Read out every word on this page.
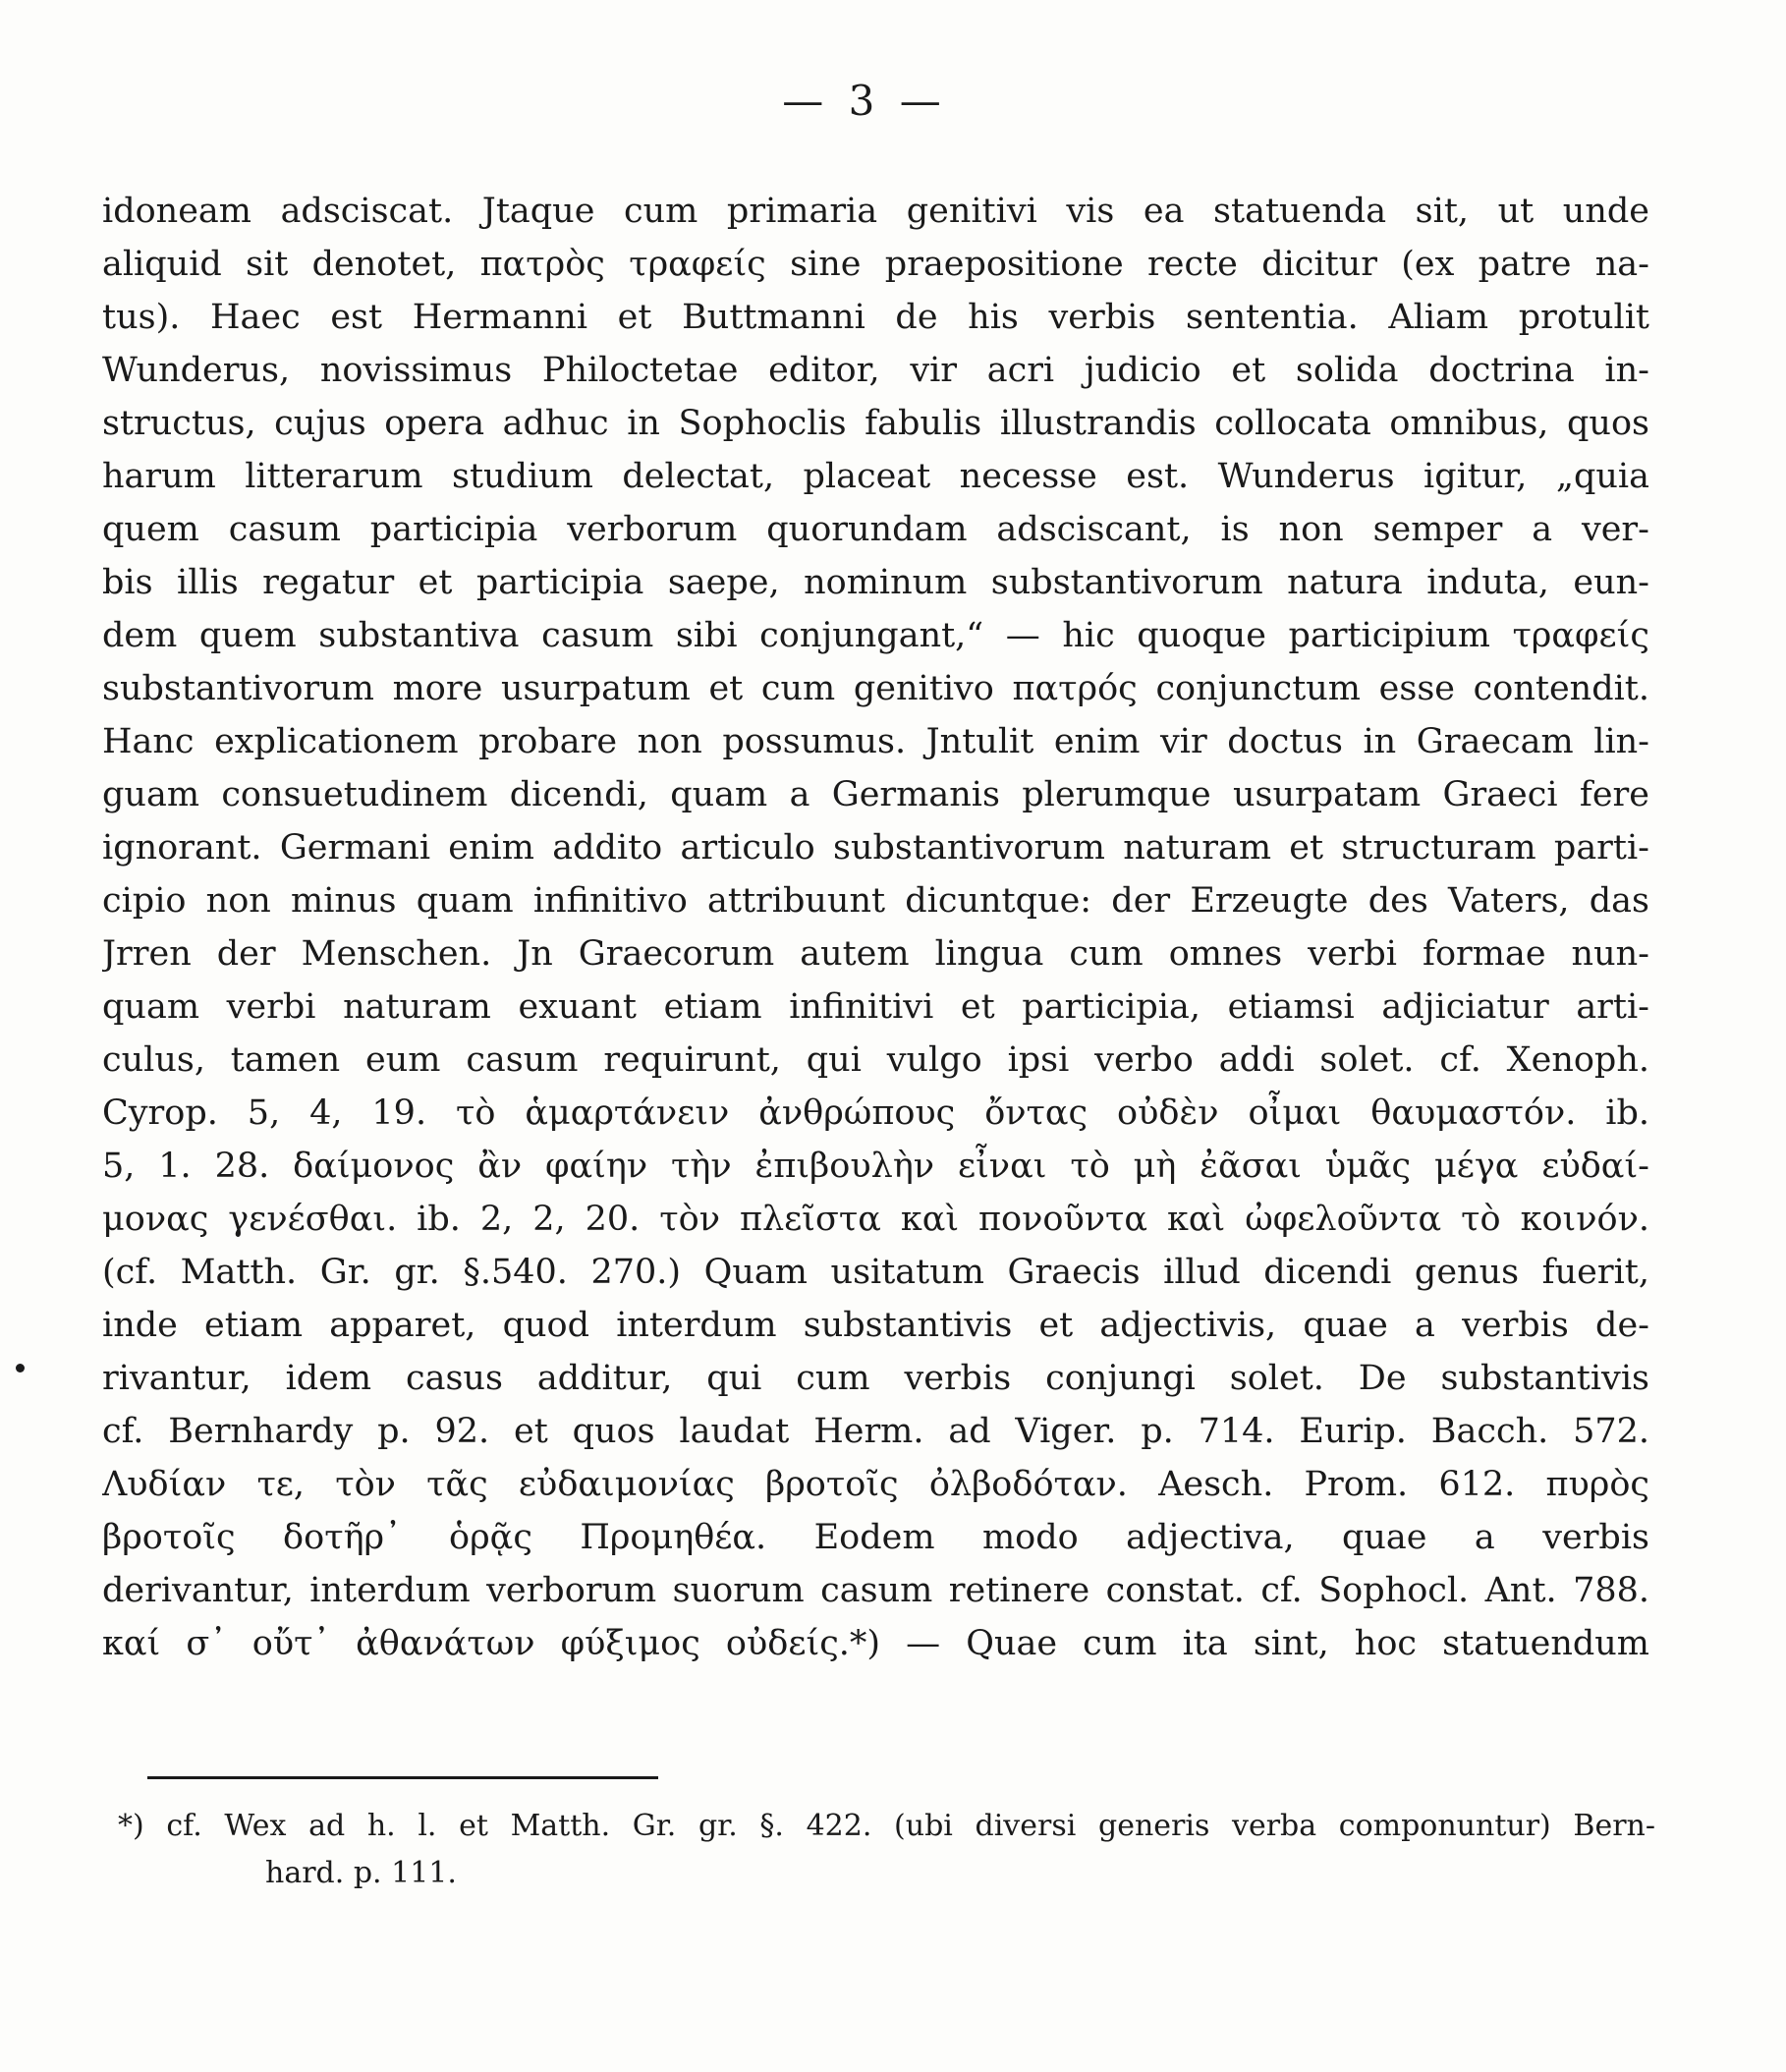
— 3 —
idoneam adsciscat. Jtaque cum primaria genitivi vis ea statuenda sit, ut unde
aliquid sit denotet, πατρὸς τραφείς sine praepositione recte dicitur (ex patre na-
tus). Haec est Hermanni et Buttmanni de his verbis sententia. Aliam protulit
Wunderus, novissimus Philoctetae editor, vir acri judicio et solida doctrina in-
structus, cujus opera adhuc in Sophoclis fabulis illustrandis collocata omnibus, quos
harum litterarum studium delectat, placeat necesse est. Wunderus igitur, „quia
quem casum participia verborum quorundam adsciscant, is non semper a ver-
bis illis regatur et participia saepe, nominum substantivorum natura induta, eun-
dem quem substantiva casum sibi conjungant,“ — hic quoque participium τραφείς
substantivorum more usurpatum et cum genitivo πατρός conjunctum esse contendit.
Hanc explicationem probare non possumus. Jntulit enim vir doctus in Graecam lin-
guam consuetudinem dicendi, quam a Germanis plerumque usurpatam Graeci fere
ignorant. Germani enim addito articulo substantivorum naturam et structuram parti-
cipio non minus quam infinitivo attribuunt dicuntque: der Erzeugte des Vaters, das
Jrren der Menschen. Jn Graecorum autem lingua cum omnes verbi formae nun-
quam verbi naturam exuant etiam infinitivi et participia, etiamsi adjiciatur arti-
culus, tamen eum casum requirunt, qui vulgo ipsi verbo addi solet. cf. Xenoph.
Cyrop. 5, 4, 19. τὸ ἁμαρτάνειν ἀνθρώπους ὄντας οὐδὲν οἶμαι θαυμαστόν. ib.
5, 1. 28. δαίμονος ἂν φαίην τὴν ἐπιβουλὴν εἶναι τὸ μὴ ἐᾶσαι ὑμᾶς μέγα εὐδαί-
μονας γενέσθαι. ib. 2, 2, 20. τὸν πλεῖστα καὶ πονοῦντα καὶ ὠφελοῦντα τὸ κοινόν.
(cf. Matth. Gr. gr. §.540. 270.) Quam usitatum Graecis illud dicendi genus fuerit,
inde etiam apparet, quod interdum substantivis et adjectivis, quae a verbis de-
rivantur, idem casus additur, qui cum verbis conjungi solet. De substantivis
cf. Bernhardy p. 92. et quos laudat Herm. ad Viger. p. 714. Eurip. Bacch. 572.
Λυδίαν τε, τὸν τᾶς εὐδαιμονίας βροτοῖς ὀλβοδόταν. Aesch. Prom. 612. πυρὸς
βροτοῖς δοτῆρ᾽ ὁρᾷς Προμηθέα. Eodem modo adjectiva, quae a verbis
derivantur, interdum verborum suorum casum retinere constat. cf. Sophocl. Ant. 788.
καί σ᾽ οὔτ᾽ ἀθανάτων φύξιμος οὐδείς.*) — Quae cum ita sint, hoc statuendum
*) cf. Wex ad h. l. et Matth. Gr. gr. §. 422. (ubi diversi generis verba componuntur) Bern-
hard. p. 111.
